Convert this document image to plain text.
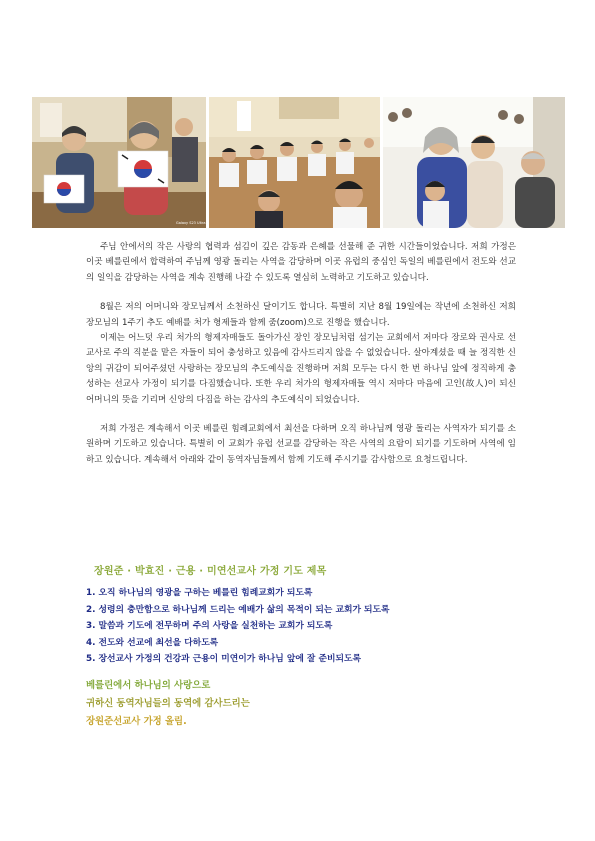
Galaxy S23 Ultra

주님 안에서의 작은 사랑의 협력과 섬김이 깊은 감동과 은혜를 선물해 준 귀한 시간들이었습니다. 저희 가정은 이곳 베를린에서 합력하여 주님께 영광 돌리는 사역을 감당하며 이곳 유럽의 중심인 독일의 베를린에서 전도와 선교의 일익을 감당하는 사역을 계속 진행해 나갈 수 있도록 열심히 노력하고 기도하고 있습니다.

8월은 저의 어머니와 장모님께서 소천하신 달이기도 합니다. 특별히 지난 8월 19일에는 작년에 소천하신 저희 장모님의 1주기 추도 예배를 처가 형제들과 함께 줌(zoom)으로 진행을 했습니다.

이제는 어느덧 우리 처가의 형제자매들도 돌아가신 장인 장모님처럼 섬기는 교회에서 저마다 장로와 권사로 선교사로 주의 직분을 맡은 자들이 되어 충성하고 있음에 감사드리지 않을 수 없었습니다. 살아계셨을 때 늘 정직한 신앙의 귀감이 되어주셨던 사랑하는 장모님의 추도예식을 진행하며 저희 모두는 다시 한 번 하나님 앞에 정직하게 충성하는 선교사 가정이 되기를 다짐했습니다. 또한 우리 처가의 형제자매들 역시 저마다 마음에 고인(故人)이 되신 어머니의 뜻을 기리며 신앙의 다짐을 하는 감사의 추도예식이 되었습니다.

저희 가정은 계속해서 이곳 베를린 힘례교회에서 최선을 다하며 오직 하나님께 영광 돌리는 사역자가 되기를 소원하며 기도하고 있습니다. 특별히 이 교회가 유럽 선교를 감당하는 작은 사역의 요람이 되기를 기도하며 사역에 임하고 있습니다. 계속해서 아래와 같이 동역자님들께서 함께 기도해 주시기를 감사함으로 요청드립니다.

장원준 · 박효진 · 근용 · 미연선교사 가정 기도 제목
1. 오직 하나님의 영광을 구하는 베를린 힘례교회가 되도록
2. 성령의 충만함으로 하나님께 드리는 예배가 삶의 목적이 되는 교회가 되도록
3. 말씀과 기도에 전무하며 주의 사랑을 실천하는 교회가 되도록
4. 전도와 선교에 최선을 다하도록
5. 장선교사 가정의 건강과 근용이 미연이가 하나님 앞에 잘 준비되도록
베를린에서 하나님의 사랑으로
귀하신 동역자님들의 동역에 감사드리는
장원준선교사 가정 올림.
